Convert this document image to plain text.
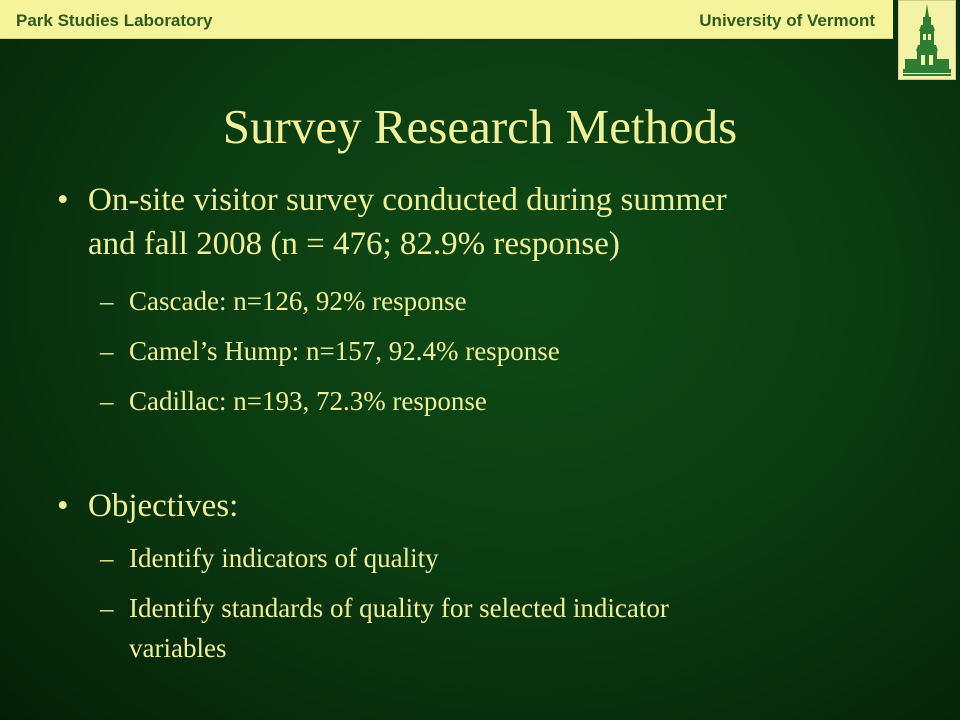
Park Studies Laboratory	University of Vermont
Survey Research Methods
• On-site visitor survey conducted during summer
and fall 2008 (n = 476; 82.9% response)
– Cascade: n=126, 92% response
– Camel’s Hump: n=157, 92.4% response
– Cadillac: n=193, 72.3% response
• Objectives:
– Identify indicators of quality
– Identify standards of quality for selected indicator
variables
